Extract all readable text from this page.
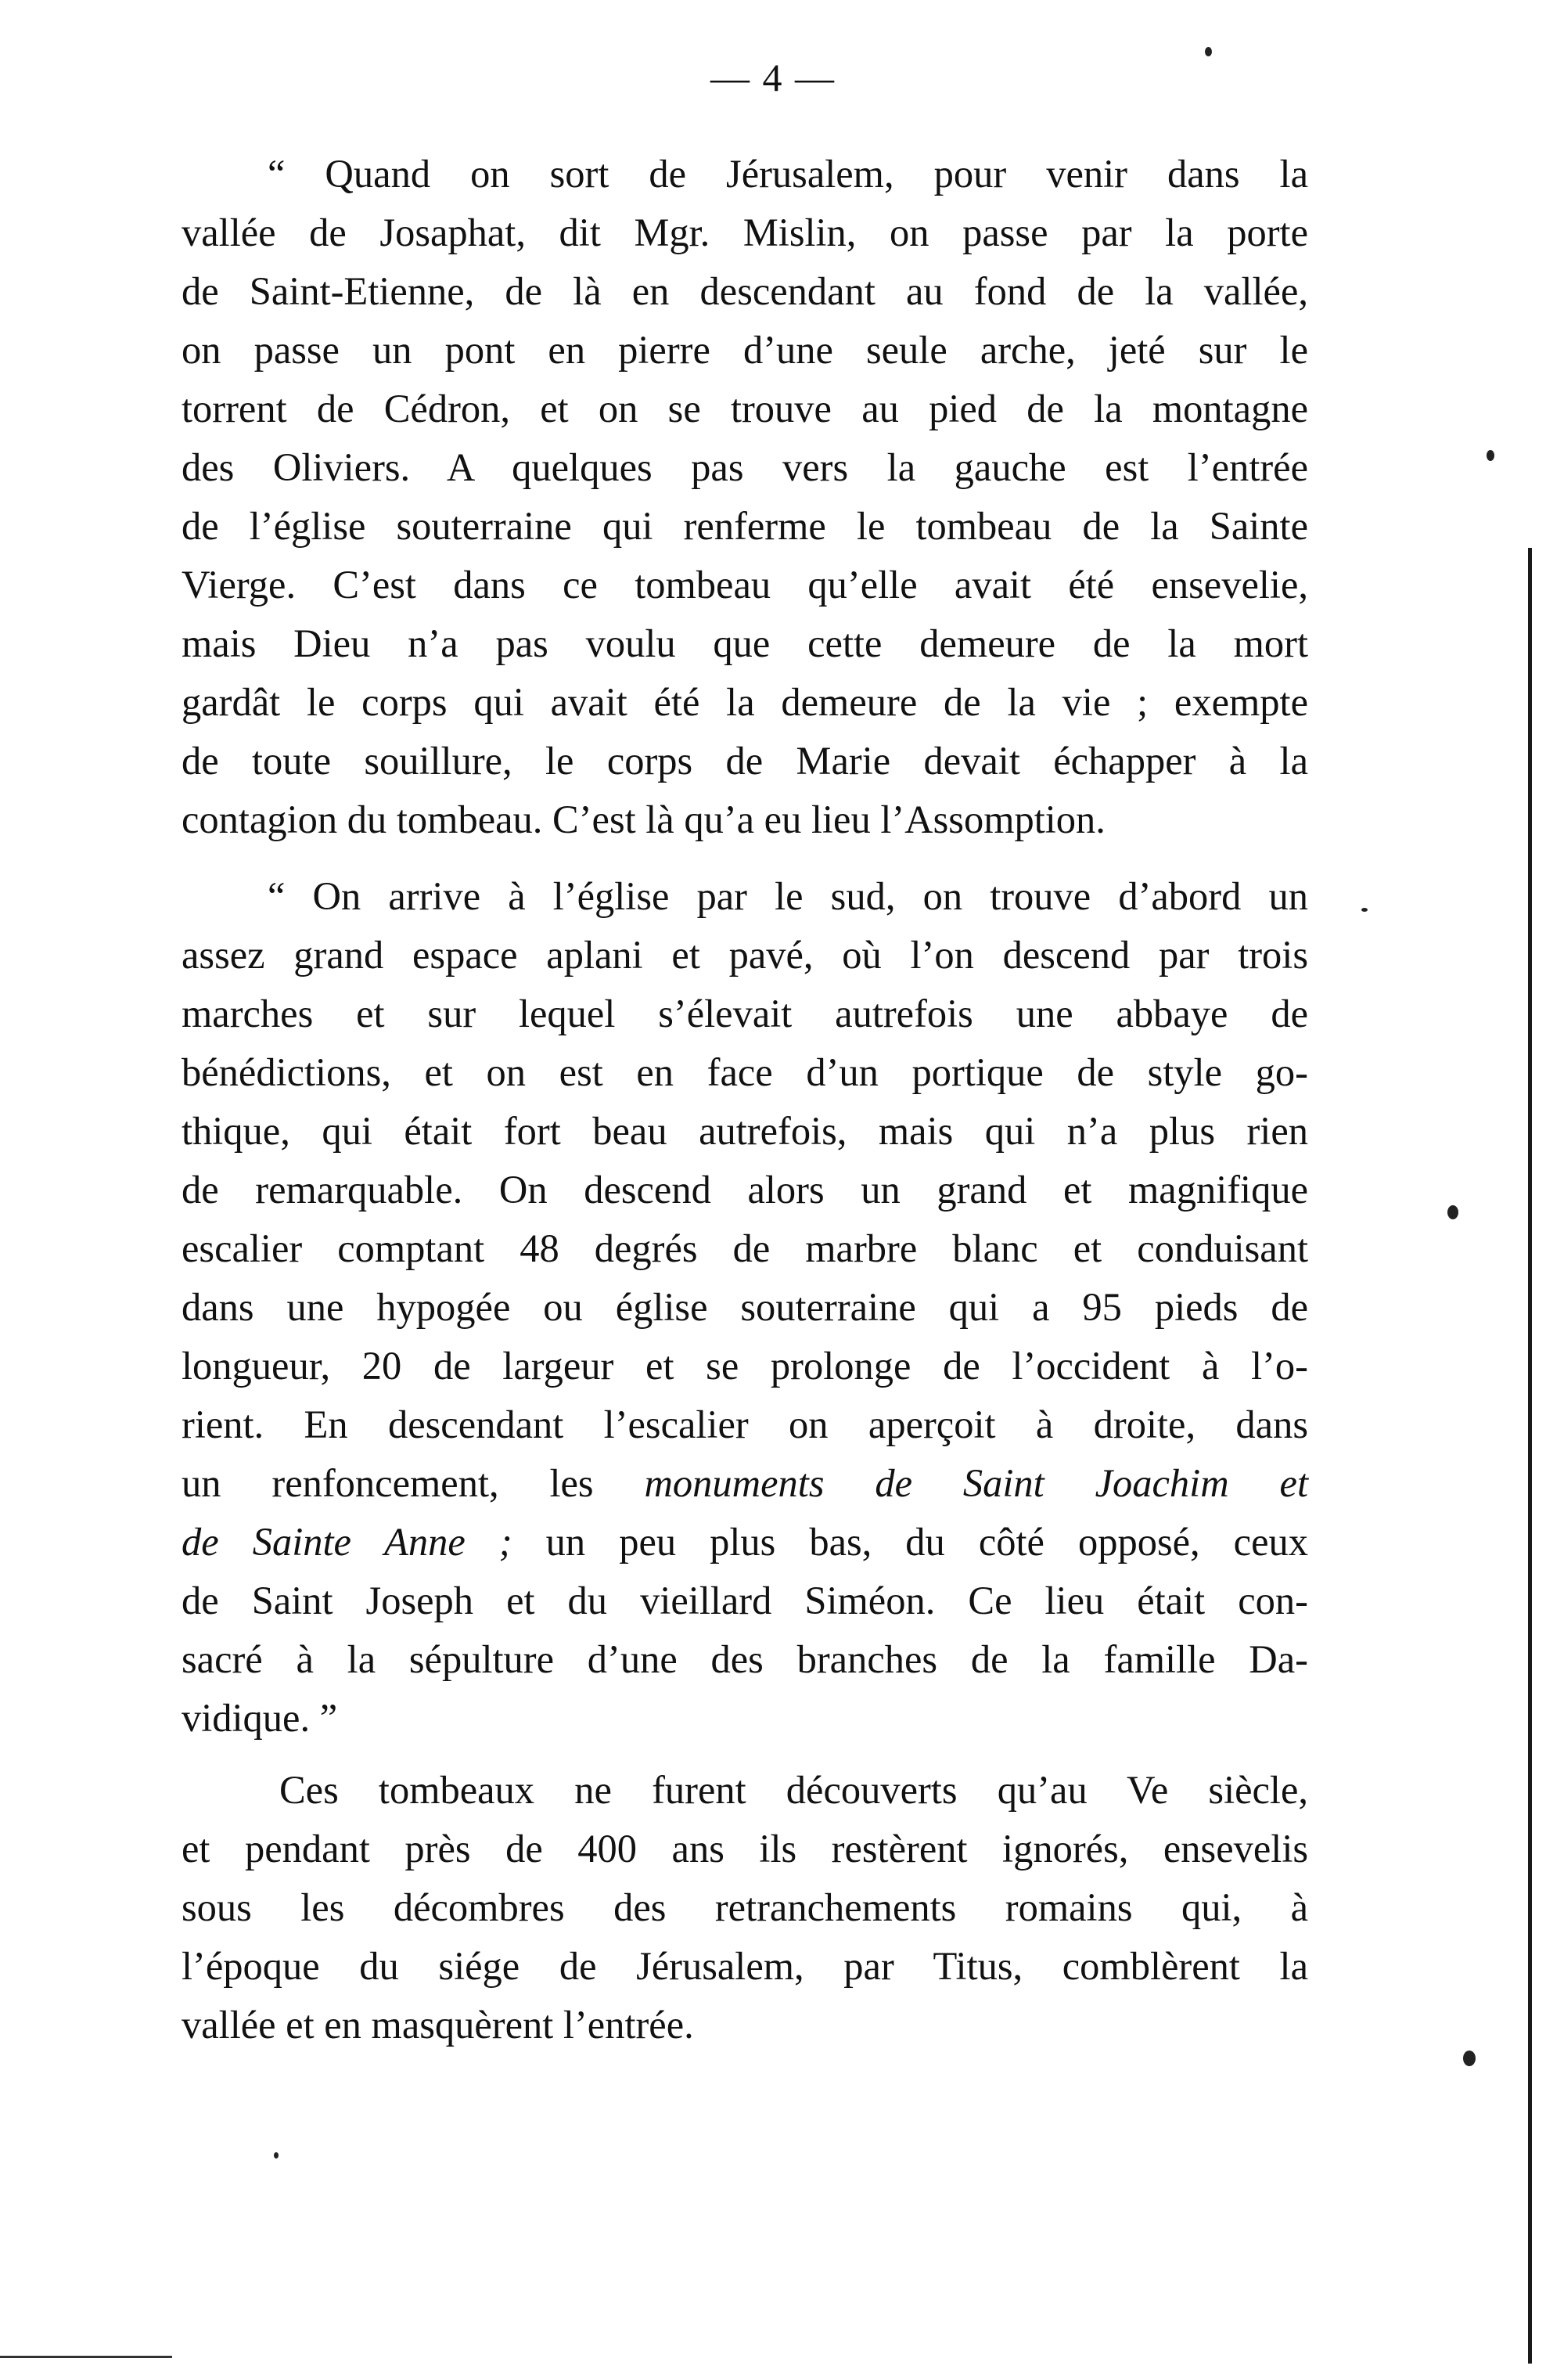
— 4 —
“ Quand on sort de Jérusalem, pour venir dans la
vallée de Josaphat, dit Mgr. Mislin, on passe par la porte
de Saint-Etienne, de là en descendant au fond de la vallée,
on passe un pont en pierre d’une seule arche, jeté sur le
torrent de Cédron, et on se trouve au pied de la montagne
des Oliviers. A quelques pas vers la gauche est l’entrée
de l’église souterraine qui renferme le tombeau de la Sainte
Vierge. C’est dans ce tombeau qu’elle avait été ensevelie,
mais Dieu n’a pas voulu que cette demeure de la mort
gardât le corps qui avait été la demeure de la vie ; exempte
de toute souillure, le corps de Marie devait échapper à la
contagion du tombeau. C’est là qu’a eu lieu l’Assomption.
“ On arrive à l’église par le sud, on trouve d’abord un
assez grand espace aplani et pavé, où l’on descend par trois
marches et sur lequel s’élevait autrefois une abbaye de
bénédictions, et on est en face d’un portique de style go-
thique, qui était fort beau autrefois, mais qui n’a plus rien
de remarquable. On descend alors un grand et magnifique
escalier comptant 48 degrés de marbre blanc et conduisant
dans une hypogée ou église souterraine qui a 95 pieds de
longueur, 20 de largeur et se prolonge de l’occident à l’o-
rient. En descendant l’escalier on aperçoit à droite, dans
un renfoncement, les monuments de Saint Joachim et
de Sainte Anne ; un peu plus bas, du côté opposé, ceux
de Saint Joseph et du vieillard Siméon. Ce lieu était con-
sacré à la sépulture d’une des branches de la famille Da-
vidique. ”
Ces tombeaux ne furent découverts qu’au Ve siècle,
et pendant près de 400 ans ils restèrent ignorés, ensevelis
sous les décombres des retranchements romains qui, à
l’époque du siége de Jérusalem, par Titus, comblèrent la
vallée et en masquèrent l’entrée.
